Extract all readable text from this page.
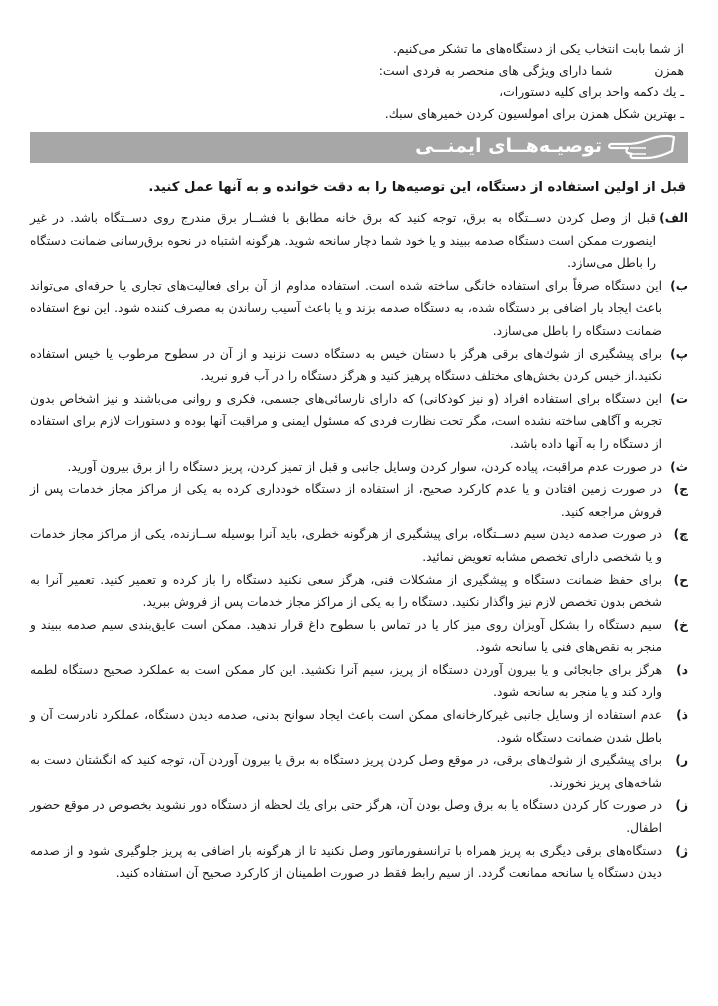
از شما بابت انتخاب یکی از دستگاه‌های ما تشکر می‌کنیم.

همزنشما دارای ویژگی های منحصر به فردی است:

ـ یك دکمه واحد برای کلیه دستورات،

ـ بهترین شکل همزن برای امولسیون کردن خمیرهای سبك.

توصیـه‌هــای ایمنــی
قبل از اولین استفاده از دستگاه، این توصیه‌ها را به دقت خوانده و به آنها عمل کنید.
الف)
قبل از وصل کردن دســتگاه به برق، توجه کنید که برق خانه مطابق با فشــار برق مندرج روی دســتگاه باشد. در غیر اینصورت ممکن است دستگاه صدمه ببیند و یا خود شما دچار سانحه شوید. هرگونه اشتباه در نحوه برق‌رسانی ضمانت دستگاه را باطل می‌سازد.
ب)
این دستگاه صرفاً برای استفاده خانگی ساخته شده است. استفاده مداوم از آن برای فعالیت‌های تجاری یا حرفه‌ای می‌تواند باعث ایجاد بار اضافی بر دستگاه شده، به دستگاه صدمه بزند و یا باعث آسیب رساندن به مصرف کننده شود. این نوع استفاده ضمانت دستگاه را باطل می‌سازد.
پ)
برای پیشگیری از شوك‌های برقی هرگز با دستان خیس به دستگاه دست نزنید و از آن در سطوح مرطوب یا خیس استفاده نکنید.از خیس کردن بخش‌های مختلف دستگاه پرهیز کنید و هرگز دستگاه را در آب فرو نبرید.
ت)
این دستگاه برای استفاده افراد (و نیز کودکانی) که دارای نارسائی‌های جسمی، فکری و روانی می‌باشند و نیز اشخاص بدون تجربه و آگاهی ساخته نشده است، مگر تحت نظارت فردی که مسئول ایمنی و مراقبت آنها بوده و دستورات لازم برای استفاده از دستگاه را به آنها داده باشد.
ث)
در صورت عدم مراقبت، پیاده کردن، سوار کردن وسایل جانبی و قبل از تمیز کردن، پریز دستگاه را از برق بیرون آورید.
ج)
در صورت زمین افتادن و یا عدم کارکرد صحیح، از استفاده از دستگاه خودداری کرده به یکی از مراکز مجاز خدمات پس از فروش مراجعه کنید.
چ)
در صورت صدمه دیدن سیم دســتگاه، برای پیشگیری از هرگونه خطری، باید آنرا بوسیله ســازنده، یکی از مراکز مجاز خدمات و یا شخصی دارای تخصص مشابه تعویض نمائید.
ح)
برای حفظ ضمانت دستگاه و پیشگیری از مشکلات فنی، هرگز سعی نکنید دستگاه را باز کرده و تعمیر کنید. تعمیر آنرا به شخص بدون تخصص لازم نیز واگذار نکنید. دستگاه را به یکی از مراکز مجاز خدمات پس از فروش ببرید.
خ)
سیم دستگاه را بشکل آویزان روی میز کار یا در تماس با سطوح داغ قرار ندهید. ممکن است عایق‌بندی سیم صدمه ببیند و منجر به نقص‌های فنی یا سانحه شود.
د)
هرگز برای جابجائی و یا بیرون آوردن دستگاه از پریز، سیم آنرا نکشید. این کار ممکن است به عملکرد صحیح دستگاه لطمه وارد کند و یا منجر به سانحه شود.
ذ)
عدم استفاده از وسایل جانبی غیرکارخانه‌ای ممکن است باعث ایجاد سوانح بدنی، صدمه دیدن دستگاه، عملکرد نادرست آن و باطل شدن ضمانت دستگاه شود.
ر)
برای پیشگیری از شوك‌های برقی، در موقع وصل کردن پریز دستگاه به برق یا بیرون آوردن آن، توجه کنید که انگشتان دست به شاخه‌های پریز نخورند.
ز)
در صورت کار کردن دستگاه یا به برق وصل بودن آن، هرگز حتی برای یك لحظه از دستگاه دور نشوید بخصوص در موقع حضور اطفال.
ژ)
دستگاه‌های برقی دیگری به پریز همراه با ترانسفورماتور وصل نکنید تا از هرگونه بار اضافی به پریز جلوگیری شود و از صدمه دیدن دستگاه یا سانحه ممانعت گردد. از سیم رابط فقط در صورت اطمینان از کارکرد صحیح آن استفاده کنید.
